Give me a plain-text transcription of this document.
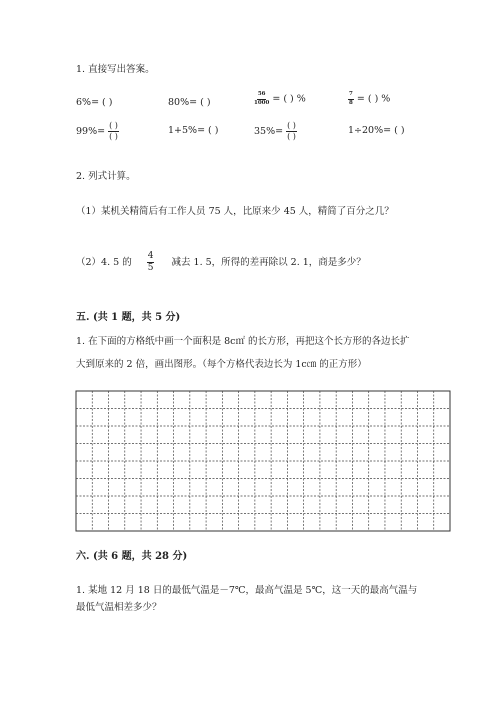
1. 直接写出答案。
6%= ( )	80%= ( )	$\frac{56}{1000}$ = ( ) %	$\frac{7}{8}$ = ( ) %
$99\%= \frac{( )}{( )}$	1+5%= ( )	$35\%= \frac{( )}{( )}$	1÷20%= ( )
2. 列式计算。
（1）某机关精简后有工作人员 75 人，比原来少 45 人，精简了百分之几？
（2）4. 5 的 $\frac{4}{5}$ 减去 1. 5，所得的差再除以 2. 1，商是多少？
五. (共 1 题，共 5 分)
1. 在下面的方格纸中画一个面积是 8c㎡ 的长方形，再把这个长方形的各边长扩
大到原来的 2 倍，画出图形。（每个方格代表边长为 1c㎝ 的正方形）
六. (共 6 题，共 28 分)
1. 某地 12 月 18 日的最低气温是－7℃，最高气温是 5℃，这一天的最高气温与
最低气温相差多少？
